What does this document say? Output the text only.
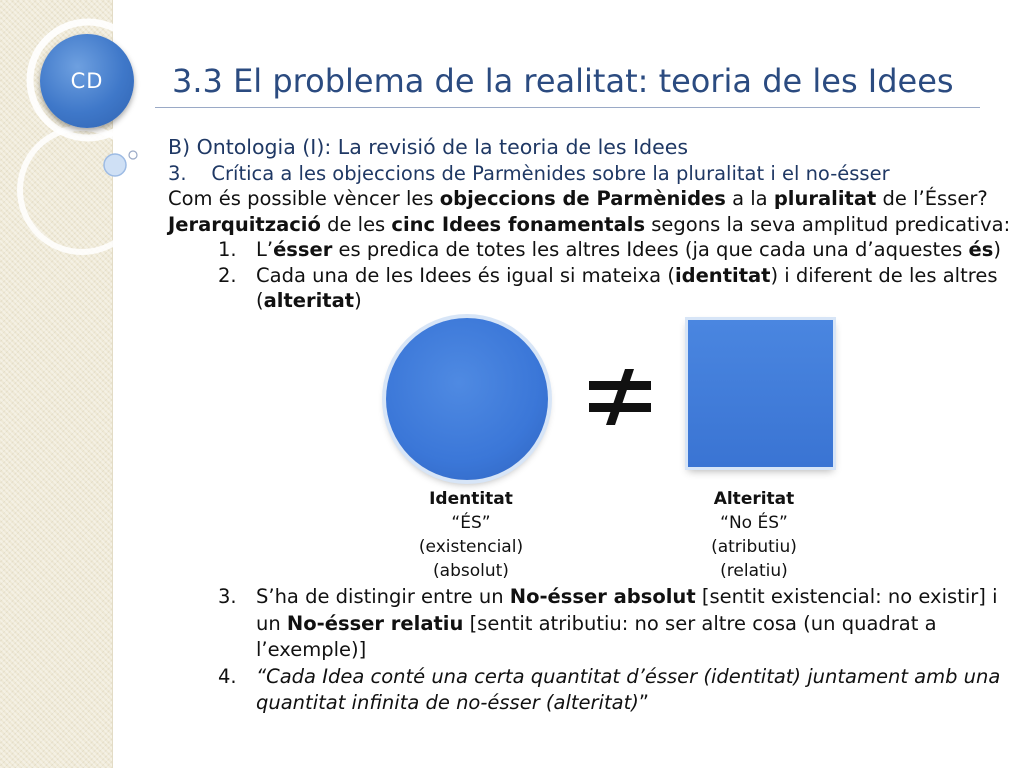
CD 3.3 El problema de la realitat: teoria de les Idees
B) Ontologia (I): La revisió de la teoria de les Idees
3. Crítica a les objeccions de Parmènides sobre la pluralitat i el no-ésser
Com és possible vèncer les objeccions de Parmènides a la pluralitat de l’Ésser?
Jerarquització de les cinc Idees fonamentals segons la seva amplitud predicativa:
1. L’ésser es predica de totes les altres Idees (ja que cada una d’aquestes és)
2. Cada una de les Idees és igual si mateixa (identitat) i diferent de les altres
(alteritat)
Identitat
“ÉS”
(existencial)
(absolut)
Alteritat
“No ÉS”
(atributiu)
(relatiu)
3. S’ha de distingir entre un No-ésser absolut [sentit existencial: no existir] i
un No-ésser relatiu [sentit atributiu: no ser altre cosa (un quadrat a
l’exemple)]
4. “Cada Idea conté una certa quantitat d’ésser (identitat) juntament amb una
quantitat infinita de no-ésser (alteritat)”
